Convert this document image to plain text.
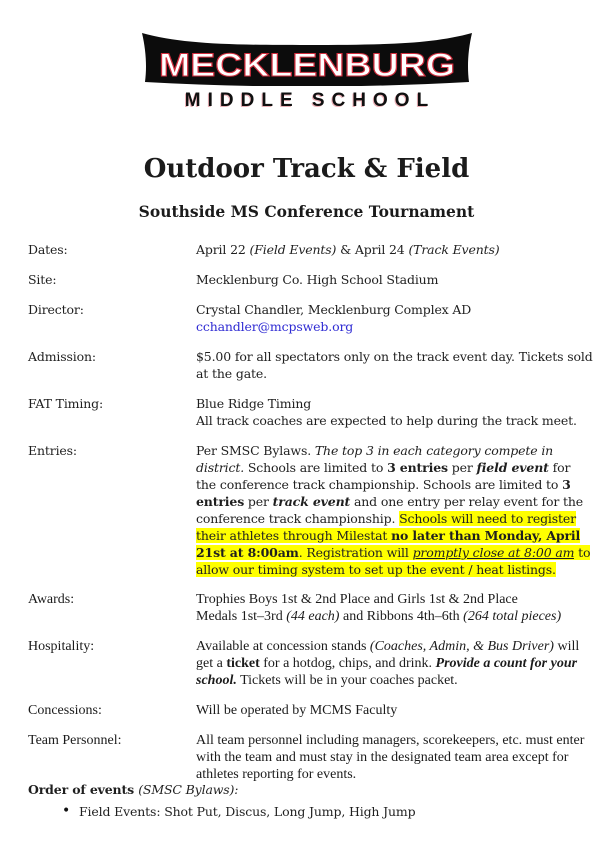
MECKLENBURG
MIDDLE SCHOOL
Outdoor Track & Field
Southside MS Conference Tournament
Dates:	April 22 (Field Events) & April 24 (Track Events)
Site:	Mecklenburg Co. High School Stadium
Director:	Crystal Chandler, Mecklenburg Complex AD
cchandler@mcpsweb.org
Admission:	$5.00 for all spectators only on the track event day. Tickets sold at the gate.
FAT Timing:	Blue Ridge Timing
All track coaches are expected to help during the track meet.
Entries:	Per SMSC Bylaws. The top 3 in each category compete in district. Schools are limited to 3 entries per field event for the conference track championship. Schools are limited to 3 entries per track event and one entry per relay event for the conference track championship. Schools will need to register their athletes through Milestat no later than Monday, April 21st at 8:00am. Registration will promptly close at 8:00 am to allow our timing system to set up the event / heat listings.
Awards:	Trophies Boys 1st & 2nd Place and Girls 1st & 2nd Place
Medals 1st–3rd (44 each) and Ribbons 4th–6th (264 total pieces)
Hospitality:	Available at concession stands (Coaches, Admin, & Bus Driver) will get a ticket for a hotdog, chips, and drink. Provide a count for your school. Tickets will be in your coaches packet.
Concessions:	Will be operated by MCMS Faculty
Team Personnel:	All team personnel including managers, scorekeepers, etc. must enter with the team and must stay in the designated team area except for athletes reporting for events.
Order of events (SMSC Bylaws):
• Field Events: Shot Put, Discus, Long Jump, High Jump
